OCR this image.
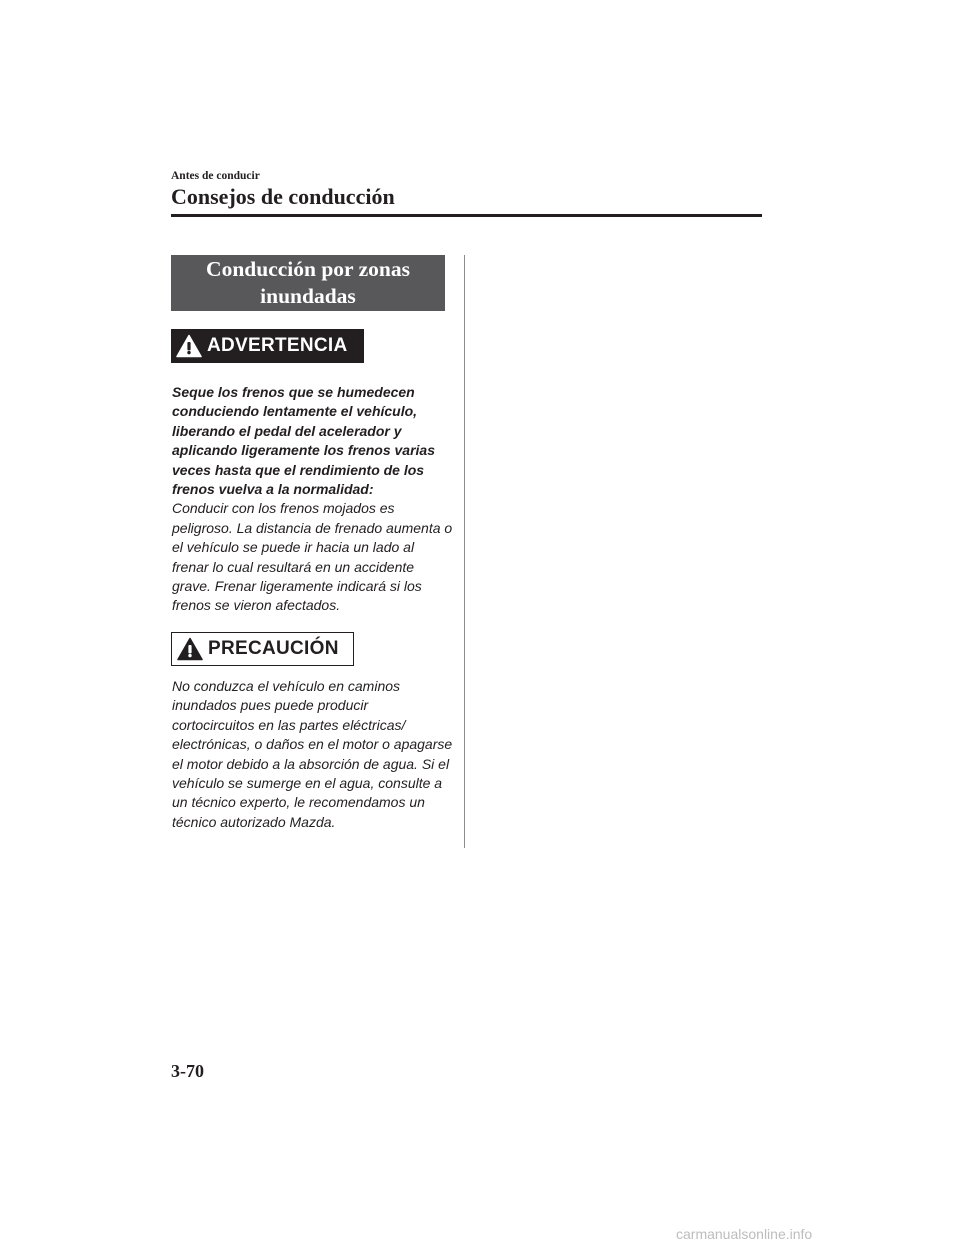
Antes de conducir
Consejos de conducción
Conducción por zonas inundadas
ADVERTENCIA
Seque los frenos que se humedecen conduciendo lentamente el vehículo, liberando el pedal del acelerador y aplicando ligeramente los frenos varias veces hasta que el rendimiento de los frenos vuelva a la normalidad:
Conducir con los frenos mojados es peligroso. La distancia de frenado aumenta o el vehículo se puede ir hacia un lado al frenar lo cual resultará en un accidente grave. Frenar ligeramente indicará si los frenos se vieron afectados.
PRECAUCIÓN
No conduzca el vehículo en caminos inundados pues puede producir cortocircuitos en las partes eléctricas/ electrónicas, o daños en el motor o apagarse el motor debido a la absorción de agua. Si el vehículo se sumerge en el agua, consulte a un técnico experto, le recomendamos un técnico autorizado Mazda.
3-70
carmanualsonline.info
